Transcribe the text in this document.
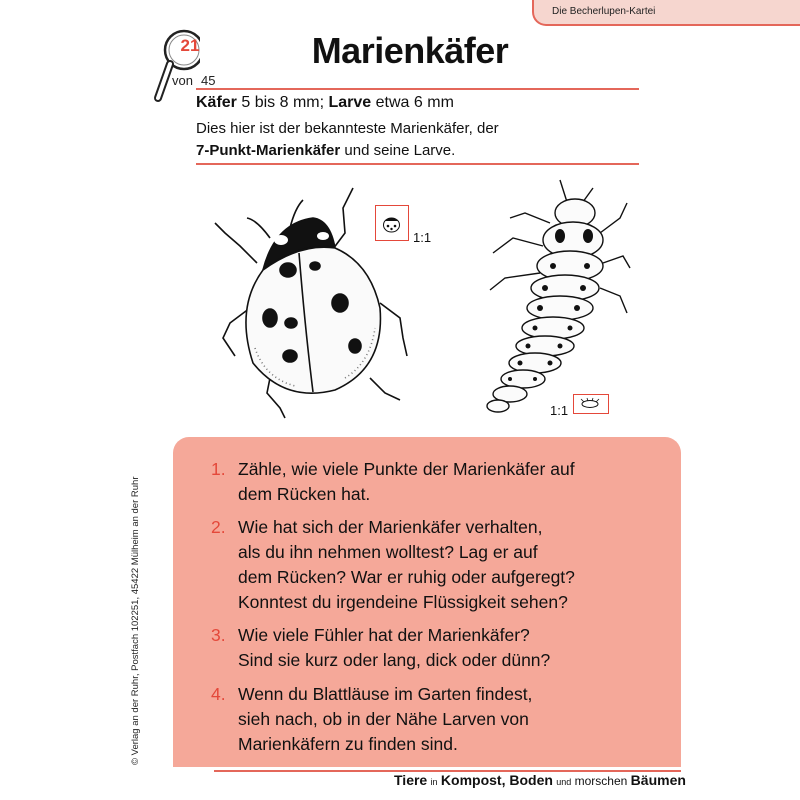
Die Becherlupen-Kartei
21
von 45
Marienkäfer
Käfer 5 bis 8 mm; Larve etwa 6 mm
Dies hier ist der bekannteste Marienkäfer, der
7-Punkt-Marienkäfer und seine Larve.
1:1
1:1
1. Zähle, wie viele Punkte der Marienkäfer auf
dem Rücken hat.
2. Wie hat sich der Marienkäfer verhalten,
als du ihn nehmen wolltest? Lag er auf
dem Rücken? War er ruhig oder aufgeregt?
Konntest du irgendeine Flüssigkeit sehen?
3. Wie viele Fühler hat der Marienkäfer?
Sind sie kurz oder lang, dick oder dünn?
4. Wenn du Blattläuse im Garten findest,
sieh nach, ob in der Nähe Larven von
Marienkäfern zu finden sind.
Tiere in Kompost, Boden und morschen Bäumen
© Verlag an der Ruhr, Postfach 102251, 45422 Mülheim an der Ruhr
